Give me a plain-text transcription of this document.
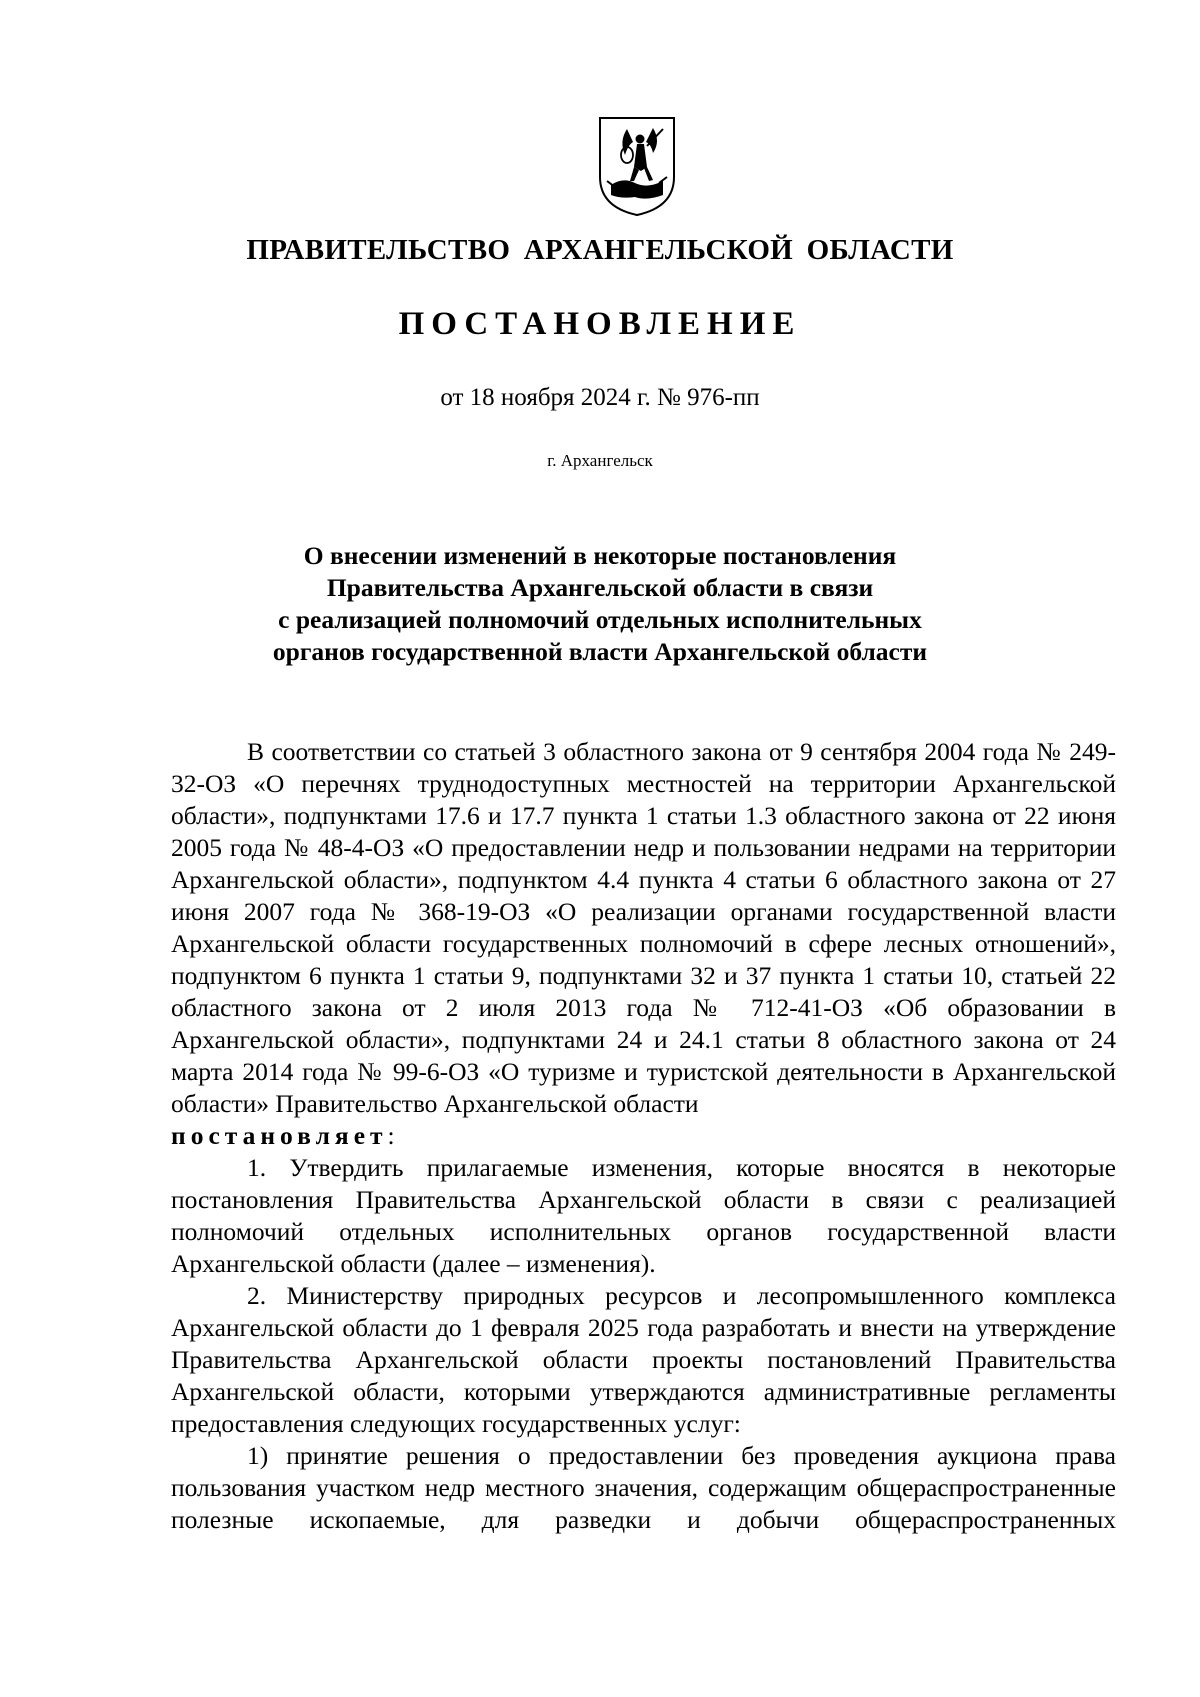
ПРАВИТЕЛЬСТВО АРХАНГЕЛЬСКОЙ ОБЛАСТИ
ПОСТАНОВЛЕНИЕ
от 18 ноября 2024 г. № 976-пп
г. Архангельск
О внесении изменений в некоторые постановления
Правительства Архангельской области в связи
с реализацией полномочий отдельных исполнительных
органов государственной власти Архангельской области

В соответствии со статьей 3 областного закона от 9 сентября 2004 года № 249-32-ОЗ «О перечнях труднодоступных местностей на территории Архангельской области», подпунктами 17.6 и 17.7 пункта 1 статьи 1.3 областного закона от 22 июня 2005 года № 48-4-ОЗ «О предоставлении недр и пользовании недрами на территории Архангельской области», подпунктом 4.4 пункта 4 статьи 6 областного закона от 27 июня 2007 года № 368-19-ОЗ «О реализации органами государственной власти Архангельской области государственных полномочий в сфере лесных отношений», подпунктом 6 пункта 1 статьи 9, подпунктами 32 и 37 пункта 1 статьи 10, статьей 22 областного закона от 2 июля 2013 года № 712-41-ОЗ «Об образовании в Архангельской области», подпунктами 24 и 24.1 статьи 8 областного закона от 24 марта 2014 года № 99-6-ОЗ «О туризме и туристской деятельности в Архангельской области» Правительство Архангельской области

постановляет:

1. Утвердить прилагаемые изменения, которые вносятся в некоторые постановления Правительства Архангельской области в связи с реализацией полномочий отдельных исполнительных органов государственной власти Архангельской области (далее – изменения).

2. Министерству природных ресурсов и лесопромышленного комплекса Архангельской области до 1 февраля 2025 года разработать и внести на утверждение Правительства Архангельской области проекты постановлений Правительства Архангельской области, которыми утверждаются административные регламенты предоставления следующих государственных услуг:

1) принятие решения о предоставлении без проведения аукциона права пользования участком недр местного значения, содержащим общераспространенные полезные ископаемые, для разведки и добычи общераспространенных
